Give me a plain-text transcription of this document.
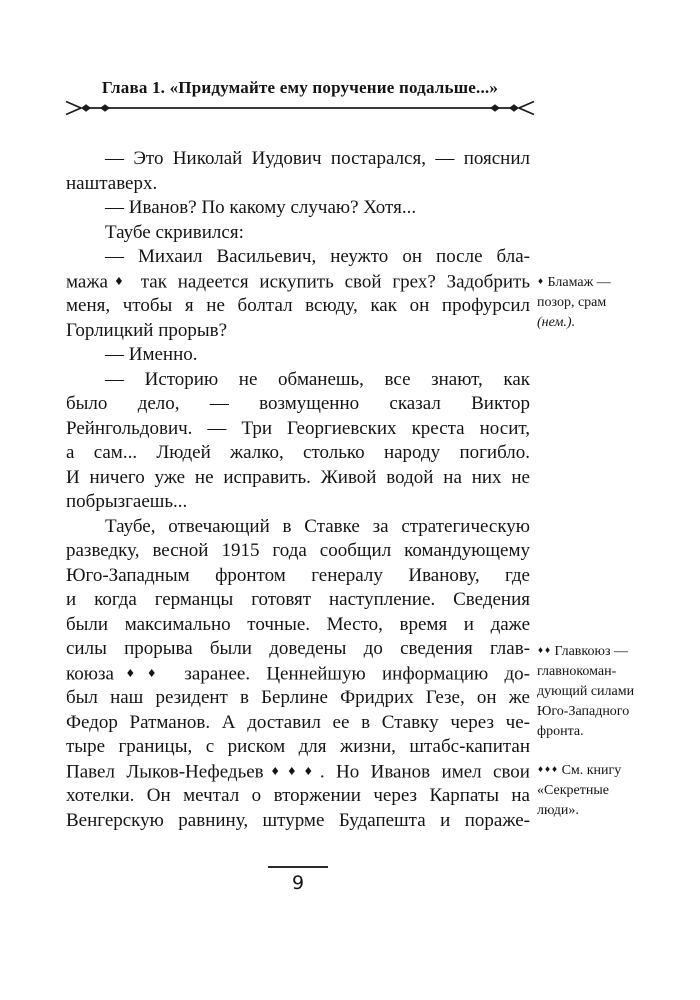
Глава 1. «Придумайте ему поручение подальше...»
— Это Николай Иудович постарался, — пояснил
наштаверх.
— Иванов? По какому случаю? Хотя...
Таубе скривился:
— Михаил Васильевич, неужто он после бла-
мажа♦ так надеется искупить свой грех? Задобрить
меня, чтобы я не болтал всюду, как он профурсил
Горлицкий прорыв?
— Именно.
— Историю не обманешь, все знают, как
было дело, — возмущенно сказал Виктор
Рейнгольдович. — Три Георгиевских креста носит,
а сам... Людей жалко, столько народу погибло.
И ничего уже не исправить. Живой водой на них не
побрызгаешь...
Таубе, отвечающий в Ставке за стратегическую
разведку, весной 1915 года сообщил командующему
Юго-Западным фронтом генералу Иванову, где
и когда германцы готовят наступление. Сведения
были максимально точные. Место, время и даже
силы прорыва были доведены до сведения глав-
коюза♦♦ заранее. Ценнейшую информацию до-
был наш резидент в Берлине Фридрих Гезе, он же
Федор Ратманов. А доставил ее в Ставку через че-
тыре границы, с риском для жизни, штабс-капитан
Павел Лыков-Нефедьев♦♦♦. Но Иванов имел свои
хотелки. Он мечтал о вторжении через Карпаты на
Венгерскую равнину, штурме Будапешта и пораже-
♦ Бламаж —
позор, срам
(нем.).
♦♦ Главкоюз —
главнокоман-
дующий силами
Юго-Западного
фронта.
♦♦♦ См. книгу
«Секретные
люди».
9
